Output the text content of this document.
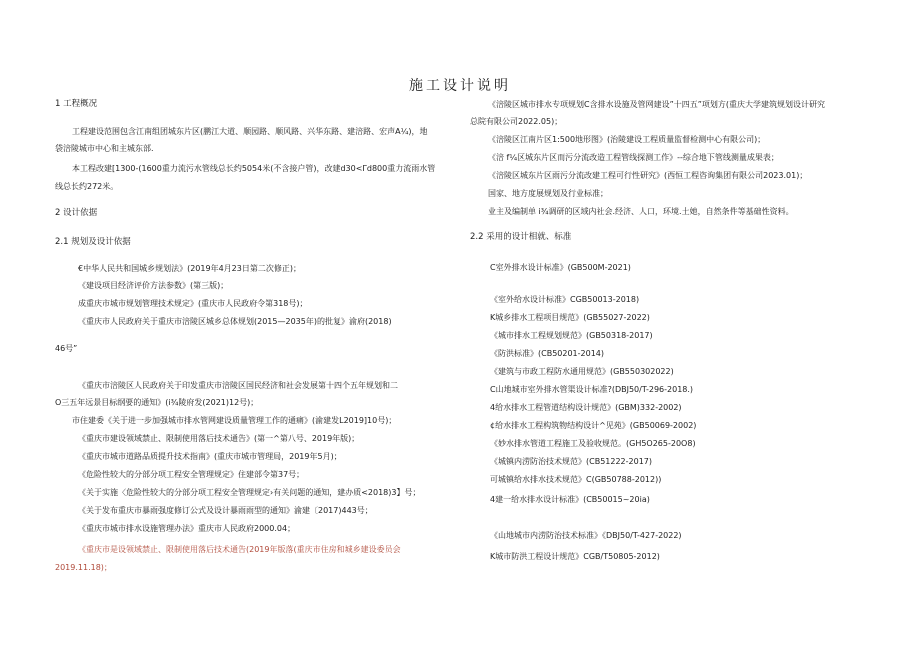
施工设计说明
1 工程概况
工程建设范围包含江南组团城东片区(鹏江大道、顺园路、顺风路、兴华东路、建涪路、宏声A¼)，地
袋涪陵城市中心和主城东部.
本工程改建[1300-(1600重力流污水管线总长约5054米(不含接户管)，改建d30<Γd800重力流雨水管
线总长约272米。
2 设计依据
2.1 规划及设计依据
€中华人民共和国城乡规划法》(2019年4月23日第二次修正)；
《建设项目经济评价方法参数》(第三版)；
成重庆市城市规划管理技术规定》(重庆市人民政府令第318号)；
《重庆市人民政府关于重庆市涪陵区城乡总体规划(2015—2035年)的批复》渝府(2018)
46号”
《重庆市涪陵区人民政府关于印发重庆市涪陵区国民经济和社会发展第十四个五年规划和二
O三五年远景目标纲要的通知》(i¾陵府发(2021)12号)；
市住建委《关于进一步加强城市排水管网建设质量管理工作的通痛》(渝建发L2019]10号)；
《重庆市建设领域禁止、限制使用落后技术通告》(第一^第八号、2019年版)；
《重庆市城市道路品质提升技术指南》(重庆市城市管理局，2019年5月)；
《危险性较大的分部分项工程安全管理规定》住建部令第37号；
《关于实施〈危险性较大的分部分项工程安全管理规定›有关问题的通知，建办质<2018)3】号；
《关于发布重庆市暴雨强度修订公式及设计暴雨雨型的通知》渝建〔2017)443号；
《重庆市城市排水设施管理办法》重庆市人民政府2000.04；
《重庆市是设领域禁止、限制使用落后技术通告(2019年版落(重庆市住房和城乡建设委员会
2019.11.18)；
《涪陵区城市排水专项规划C含排水设施及管网建设”十四五”项划方(重庆大学建筑规划设计研究
总院有限公司2022.05)；
《涪陵区江南片区1:500地形图》(治陵建设工程质量监督检测中心有限公司)；
《涪 f¼区城东片区而污分流改造工程管线探测工作》--综合地下管线测量成果表；
《涪陵区城东片区雨污分流改建工程可行性研究》(西恒工程咨询集团有限公司2023.01)；
国家、地方度展规划及行业标准；
业主及编制单 i¾调研的区域内社会.经济、人口，环境.土她，自然条件等基础性资料。
2.2 采用的设计相就、标准
C室外排水设计标准》(GB500M-2021)
《室外给水设计标准》CGB50013-2018)
K城乡排水工程项目规范》(GB55027-2022)
《城市排水工程规划规范》(GB50318-2017)
《防洪标准》(CB50201-2014)
《建筑与市政工程防水通用规范》(GB550302022)
C山地城市室外排水管渠设计标准?(DBJ50/T-296-2018.)
4给水排水工程管道结构设计规范》(GBM)332-2002)
¢给水排水工程构筑物结构设计^见苑》(GB50069-2002)
《妙水排水管道工程施工及验收规范。(GH5O265-20O8)
《城镇内涝防治技术规范》(CB51222-2017)
可城镇给水排水技术规范》C(GB50788-2012))
4建一给水排水设计标准》(CB50015~20ia)
《山地城市内涝防治技术标准》《DBJ50/T-427-2022)
K城市防洪工程设计规范》CGB/T50805-2012)
